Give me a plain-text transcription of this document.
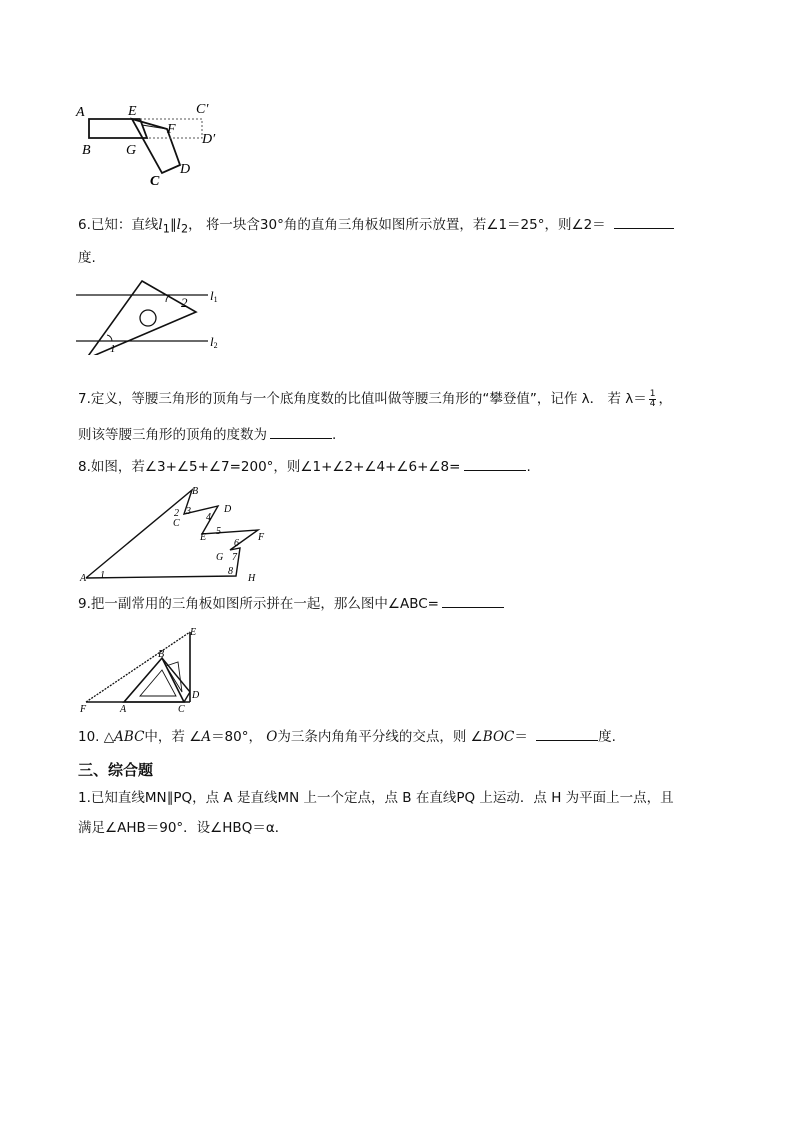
A	E	C′
F
D′
B	G
C
D
6.已知：直线$l_1\parallel l_2$， 将一块含30°角的直角三角板如图所示放置，若∠1＝25°，则∠2＝
度.
2
1
l1
l2
7.定义，等腰三角形的顶角与一个底角度数的比值叫做等腰三角形的“攀登值”，记作 λ． 若 $\lambda= \frac{1}{4}$ ，
则该等腰三角形的顶角的度数为	.
8.如图，若∠3+∠5+∠7=200°，则∠1+∠2+∠4+∠6+∠8=	.
B
2 3
C
D
4
5
E	F
6
G 7
8
A 1	H
9.把一副常用的三角板如图所示拼在一起，那么图中∠ABC=
E
B
D
F	A	C
10. △ABC中，若 ∠A＝80°， O为三条内角角平分线的交点，则 ∠BOC＝	度.
三、综合题
1.已知直线MN∥PQ，点 A 是直线MN 上一个定点，点 B 在直线PQ 上运动．点 H 为平面上一点，且
满足∠AHB＝90°．设∠HBQ＝α．
